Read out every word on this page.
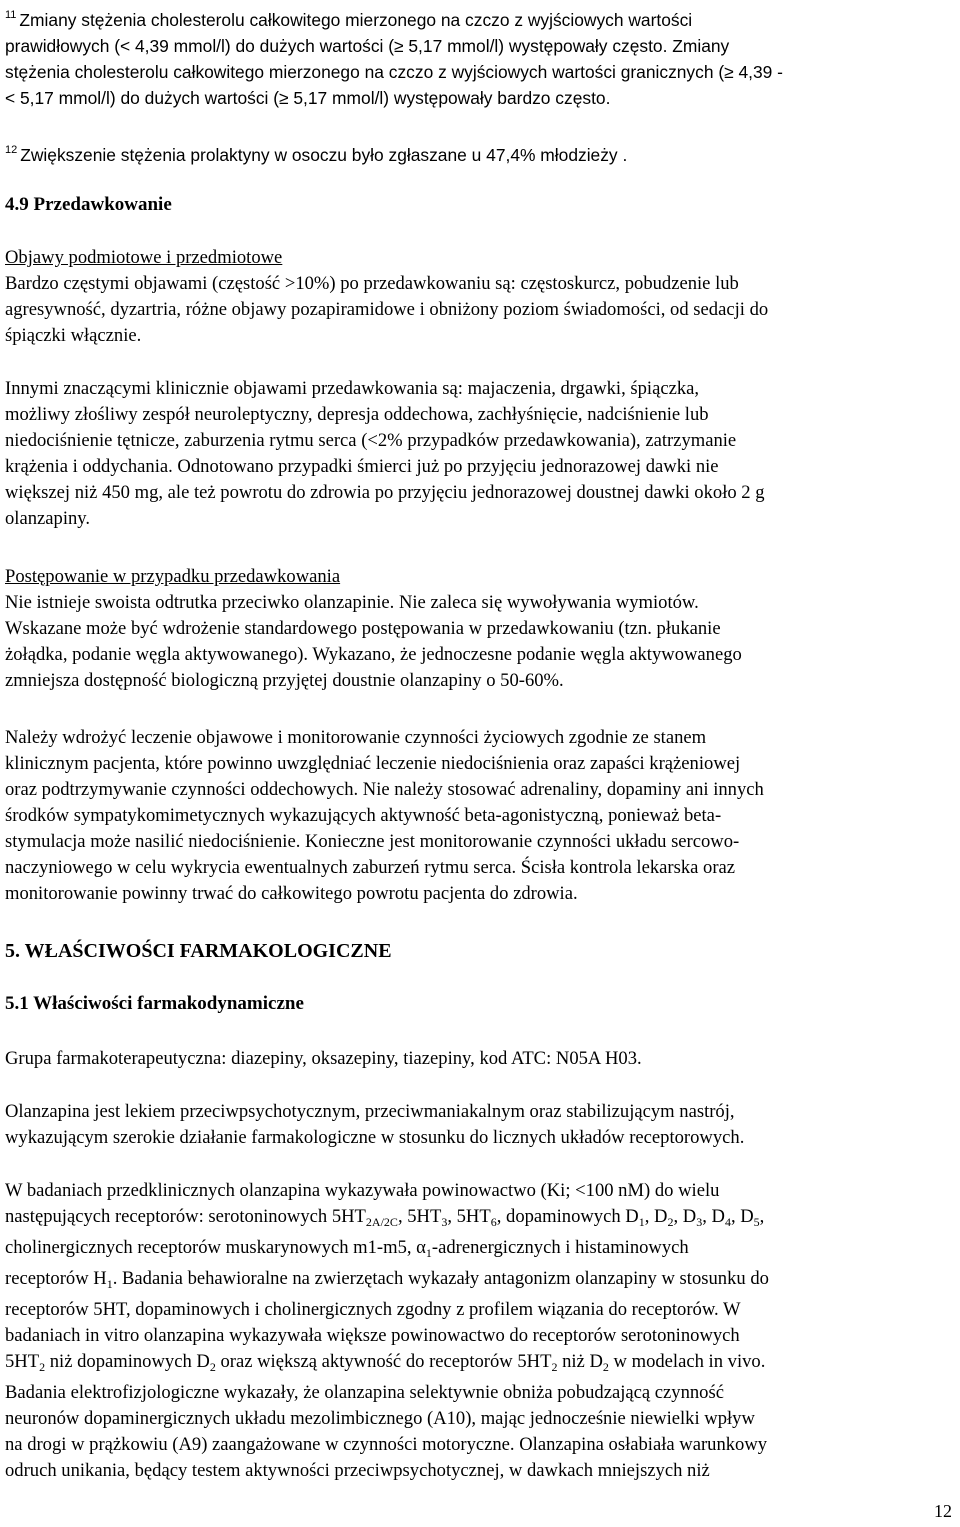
$^{11}$ Zmiany stężenia cholesterolu całkowitego mierzonego na czczo z wyjściowych wartości
prawidłowych (< 4,39 mmol/l) do dużych wartości (≥ 5,17 mmol/l) występowały często. Zmiany
stężenia cholesterolu całkowitego mierzonego na czczo z wyjściowych wartości granicznych (≥ 4,39 -
< 5,17 mmol/l) do dużych wartości (≥ 5,17 mmol/l) występowały bardzo często.
$^{12}$ Zwiększenie stężenia prolaktyny w osoczu było zgłaszane u 47,4% młodzieży .
4.9 Przedawkowanie
Objawy podmiotowe i przedmiotowe
Bardzo częstymi objawami (częstość >10%) po przedawkowaniu są: częstoskurcz, pobudzenie lub
agresywność, dyzartria, różne objawy pozapiramidowe i obniżony poziom świadomości, od sedacji do
śpiączki włącznie.
Innymi znaczącymi klinicznie objawami przedawkowania są: majaczenia, drgawki, śpiączka,
możliwy złośliwy zespół neuroleptyczny, depresja oddechowa, zachłyśnięcie, nadciśnienie lub
niedociśnienie tętnicze, zaburzenia rytmu serca (<2% przypadków przedawkowania), zatrzymanie
krążenia i oddychania. Odnotowano przypadki śmierci już po przyjęciu jednorazowej dawki nie
większej niż 450 mg, ale też powrotu do zdrowia po przyjęciu jednorazowej doustnej dawki około 2 g
olanzapiny.
Postępowanie w przypadku przedawkowania
Nie istnieje swoista odtrutka przeciwko olanzapinie. Nie zaleca się wywoływania wymiotów.
Wskazane może być wdrożenie standardowego postępowania w przedawkowaniu (tzn. płukanie
żołądka, podanie węgla aktywowanego). Wykazano, że jednoczesne podanie węgla aktywowanego
zmniejsza dostępność biologiczną przyjętej doustnie olanzapiny o 50-60%.
Należy wdrożyć leczenie objawowe i monitorowanie czynności życiowych zgodnie ze stanem
klinicznym pacjenta, które powinno uwzględniać leczenie niedociśnienia oraz zapaści krążeniowej
oraz podtrzymywanie czynności oddechowych. Nie należy stosować adrenaliny, dopaminy ani innych
środków sympatykomimetycznych wykazujących aktywność beta-agonistyczną, ponieważ beta-
stymulacja może nasilić niedociśnienie. Konieczne jest monitorowanie czynności układu sercowo-
naczyniowego w celu wykrycia ewentualnych zaburzeń rytmu serca. Ścisła kontrola lekarska oraz
monitorowanie powinny trwać do całkowitego powrotu pacjenta do zdrowia.
5. WŁAŚCIWOŚCI FARMAKOLOGICZNE
5.1 Właściwości farmakodynamiczne
Grupa farmakoterapeutyczna: diazepiny, oksazepiny, tiazepiny, kod ATC: N05A H03.
Olanzapina jest lekiem przeciwpsychotycznym, przeciwmaniakalnym oraz stabilizującym nastrój,
wykazującym szerokie działanie farmakologiczne w stosunku do licznych układów receptorowych.
W badaniach przedklinicznych olanzapina wykazywała powinowactwo (Ki; <100 nM) do wielu
następujących receptorów: serotoninowych $5HT_{2A/2C}$, $5HT_3$, $5HT_6$, dopaminowych $D_1$, $D_2$, $D_3$, $D_4$, $D_5$,
cholinergicznych receptorów muskarynowych m1-m5, $\alpha_1$-adrenergicznych i histaminowych
receptorów $H_1$. Badania behawioralne na zwierzętach wykazały antagonizm olanzapiny w stosunku do
receptorów 5HT, dopaminowych i cholinergicznych zgodny z profilem wiązania do receptorów. W
badaniach in vitro olanzapina wykazywała większe powinowactwo do receptorów serotoninowych
$5HT_2$ niż dopaminowych $D_2$ oraz większą aktywność do receptorów $5HT_2$ niż $D_2$ w modelach in vivo.
Badania elektrofizjologiczne wykazały, że olanzapina selektywnie obniża pobudzającą czynność
neuronów dopaminergicznych układu mezolimbicznego (A10), mając jednocześnie niewielki wpływ
na drogi w prążkowiu (A9) zaangażowane w czynności motoryczne. Olanzapina osłabiała warunkowy
odruch unikania, będący testem aktywności przeciwpsychotycznej, w dawkach mniejszych niż
12
